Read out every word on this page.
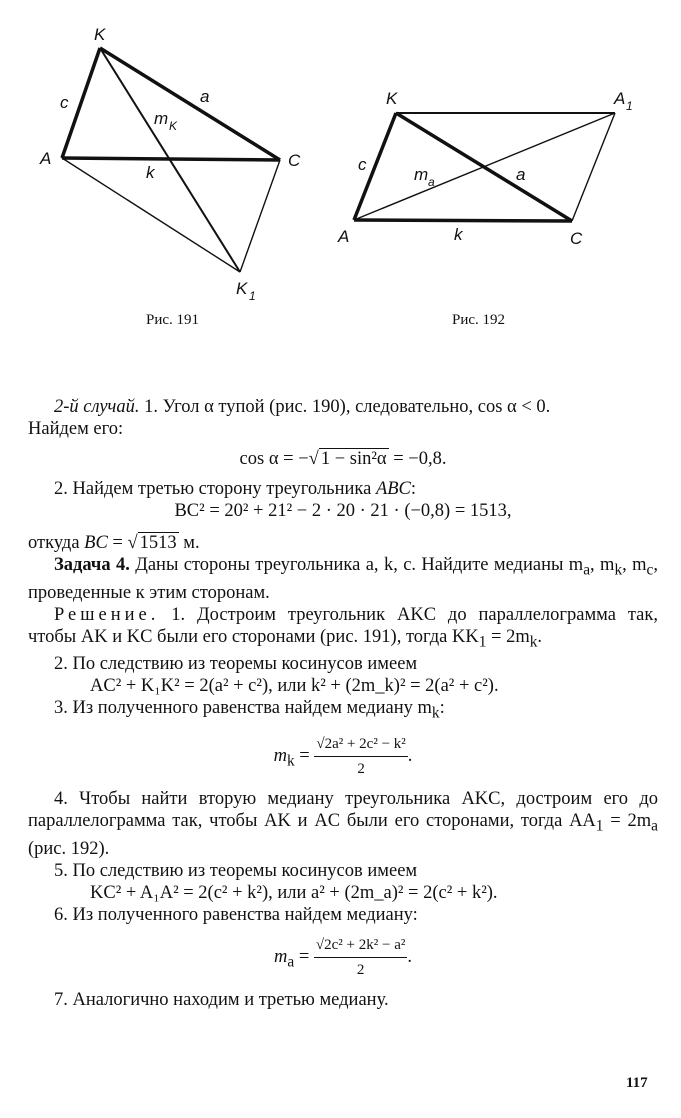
K
c
m K
a
A
k
C
K 1
K	A 1
c
m a	a
A	k	C
Рис. 191	Рис. 192

2-й случай. 1. Угол α тупой (рис. 190), следовательно, cos α < 0.

Найдем его:

cos α = −√ 1 − sin²α = −0,8.

2. Найдем третью сторону треугольника ABC:

BC² = 20² + 21² − 2 · 20 · 21 · (−0,8) = 1513,

откуда BC = √ 1513 м.

Задача 4. Даны стороны треугольника a, k, c. Найдите медианы $m_a$, $m_k$, $m_c$, проведенные к этим сторонам.

Решение. 1. Достроим треугольник AKC до параллелограмма так, чтобы AK и KC были его сторонами (рис. 191), тогда $KK_1 = 2m_k$.

2. По следствию из теоремы косинусов имеем

AC² + K₁K² = 2(a² + c²), или k² + (2m_k)² = 2(a² + c²).

3. Из полученного равенства найдем медиану $m_k$:

$m_k = \frac{\text{√2a² + 2c² − k²}}{2}$ .

4. Чтобы найти вторую медиану треугольника AKC, достроим его до параллелограмма так, чтобы AK и AC были его сторонами, тогда $AA_1 = 2m_a$ (рис. 192).

5. По следствию из теоремы косинусов имеем

KC² + A₁A² = 2(c² + k²), или a² + (2m_a)² = 2(c² + k²).

6. Из полученного равенства найдем медиану:

$m_a = \frac{\text{√2c² + 2k² − a²}}{2}$ .

7. Аналогично находим и третью медиану.

117
